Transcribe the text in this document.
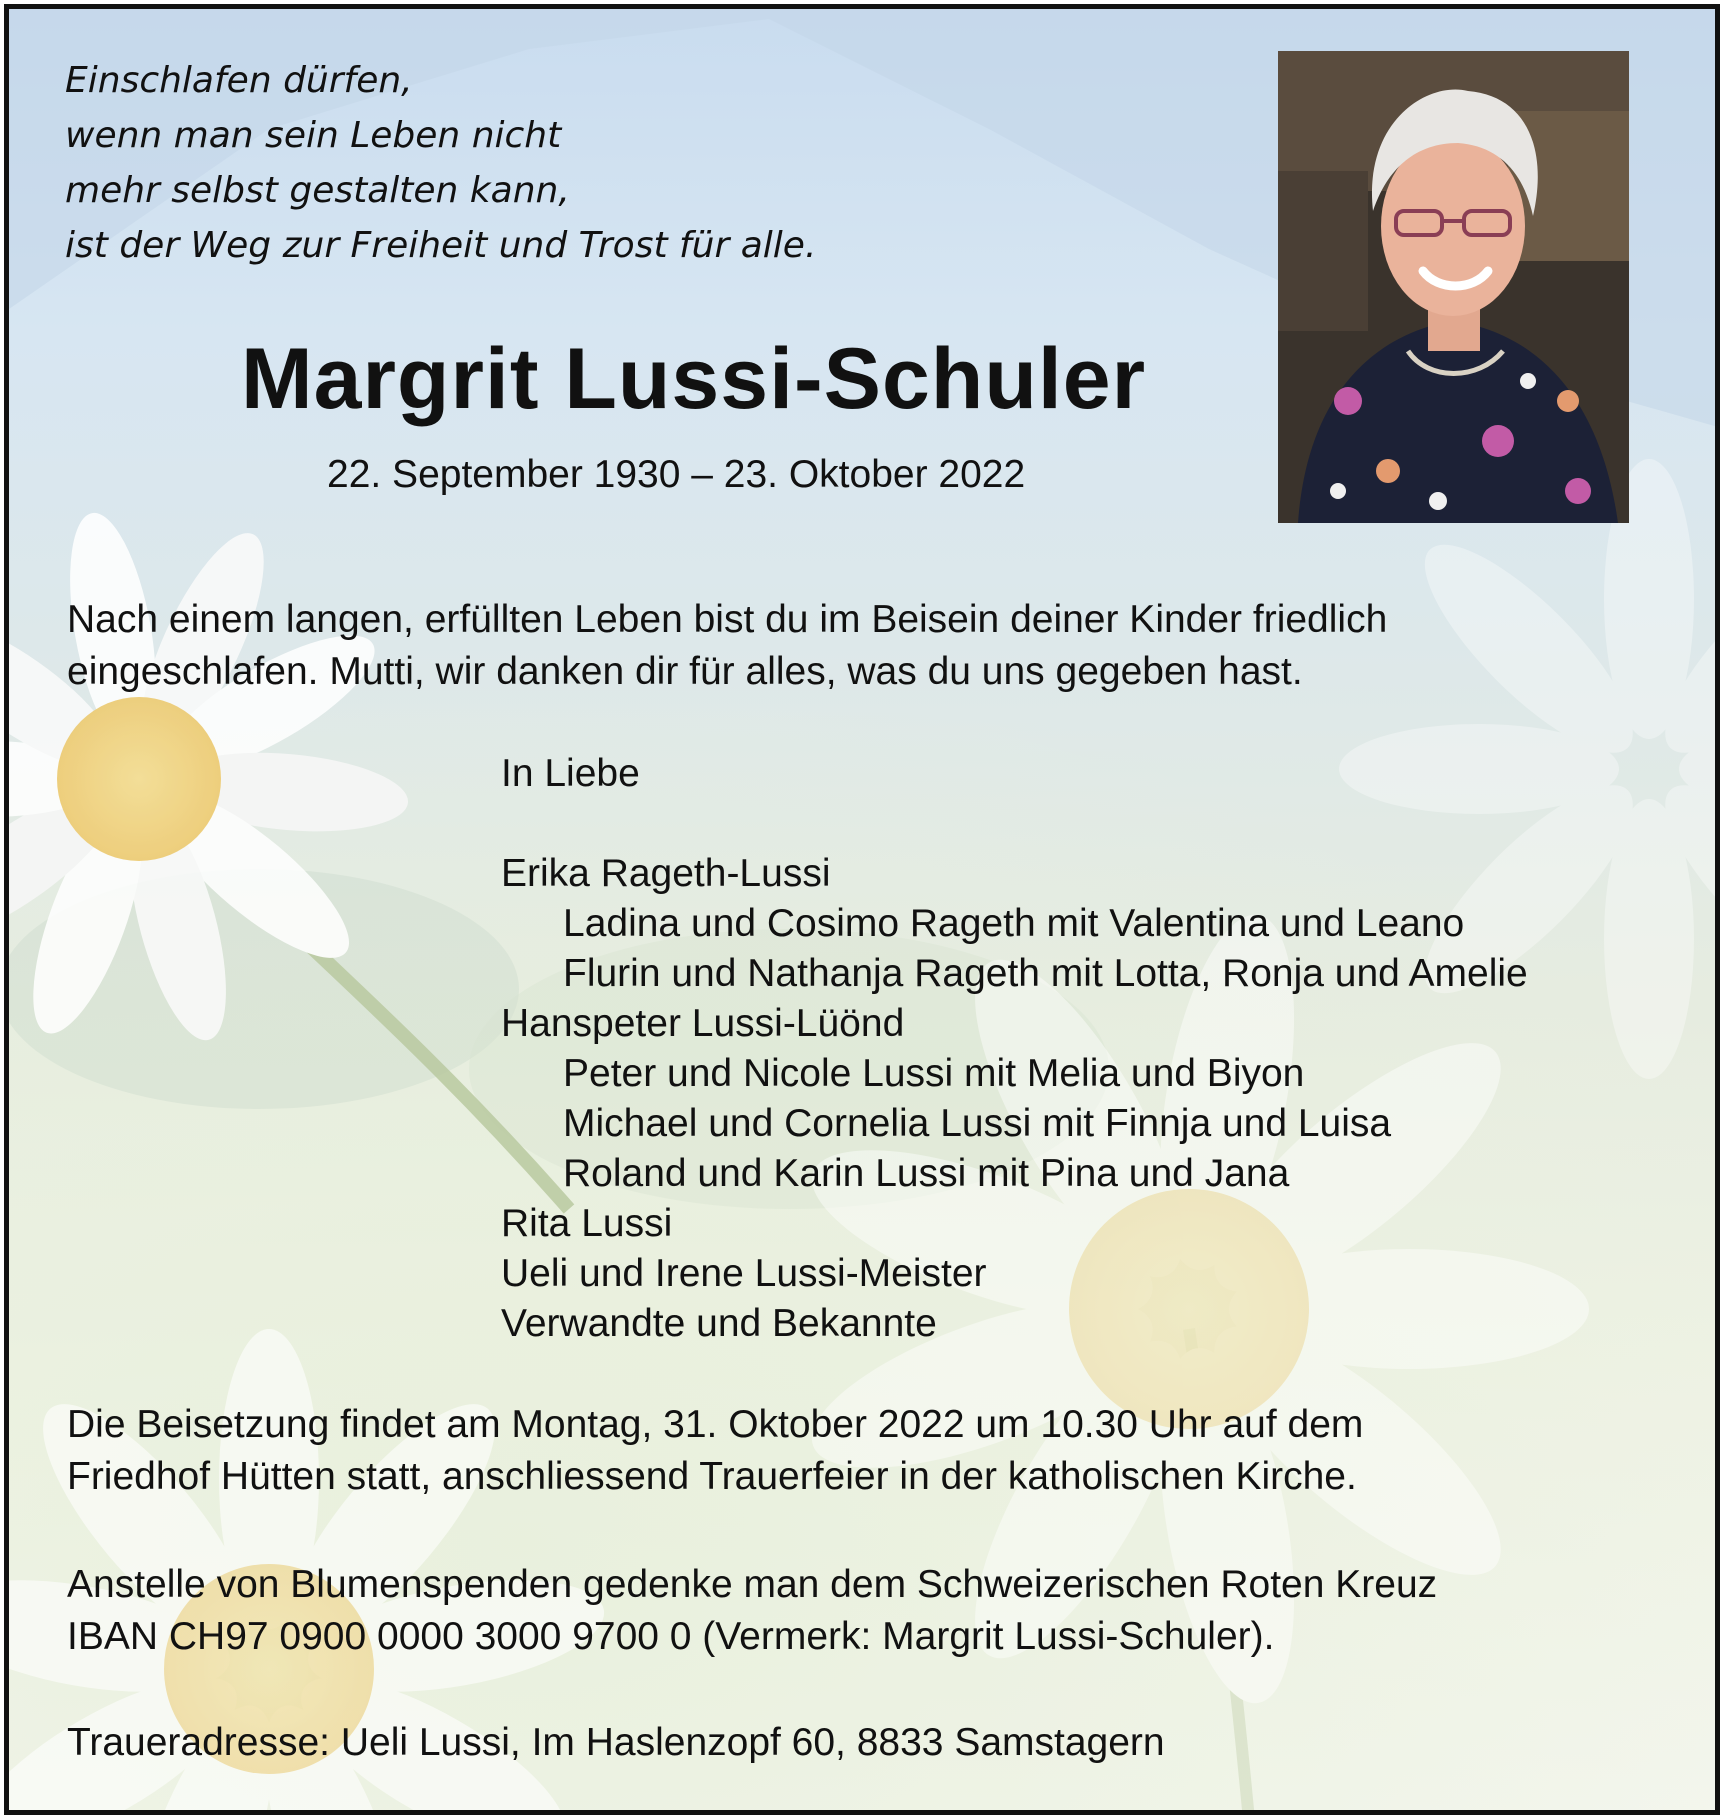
Einschlafen dürfen,
wenn man sein Leben nicht
mehr selbst gestalten kann,
ist der Weg zur Freiheit und Trost für alle.
Margrit Lussi-Schuler
22. September 1930 – 23. Oktober 2022
Nach einem langen, erfüllten Leben bist du im Beisein deiner Kinder friedlich
eingeschlafen. Mutti, wir danken dir für alles, was du uns gegeben hast.
In Liebe
Erika Rageth-Lussi
Ladina und Cosimo Rageth mit Valentina und Leano
Flurin und Nathanja Rageth mit Lotta, Ronja und Amelie
Hanspeter Lussi-Lüönd
Peter und Nicole Lussi mit Melia und Biyon
Michael und Cornelia Lussi mit Finnja und Luisa
Roland und Karin Lussi mit Pina und Jana
Rita Lussi
Ueli und Irene Lussi-Meister
Verwandte und Bekannte
Die Beisetzung findet am Montag, 31. Oktober 2022 um 10.30 Uhr auf dem
Friedhof Hütten statt, anschliessend Trauerfeier in der katholischen Kirche.
Anstelle von Blumenspenden gedenke man dem Schweizerischen Roten Kreuz
IBAN CH97 0900 0000 3000 9700 0 (Vermerk: Margrit Lussi-Schuler).
Traueradresse: Ueli Lussi, Im Haslenzopf 60, 8833 Samstagern
